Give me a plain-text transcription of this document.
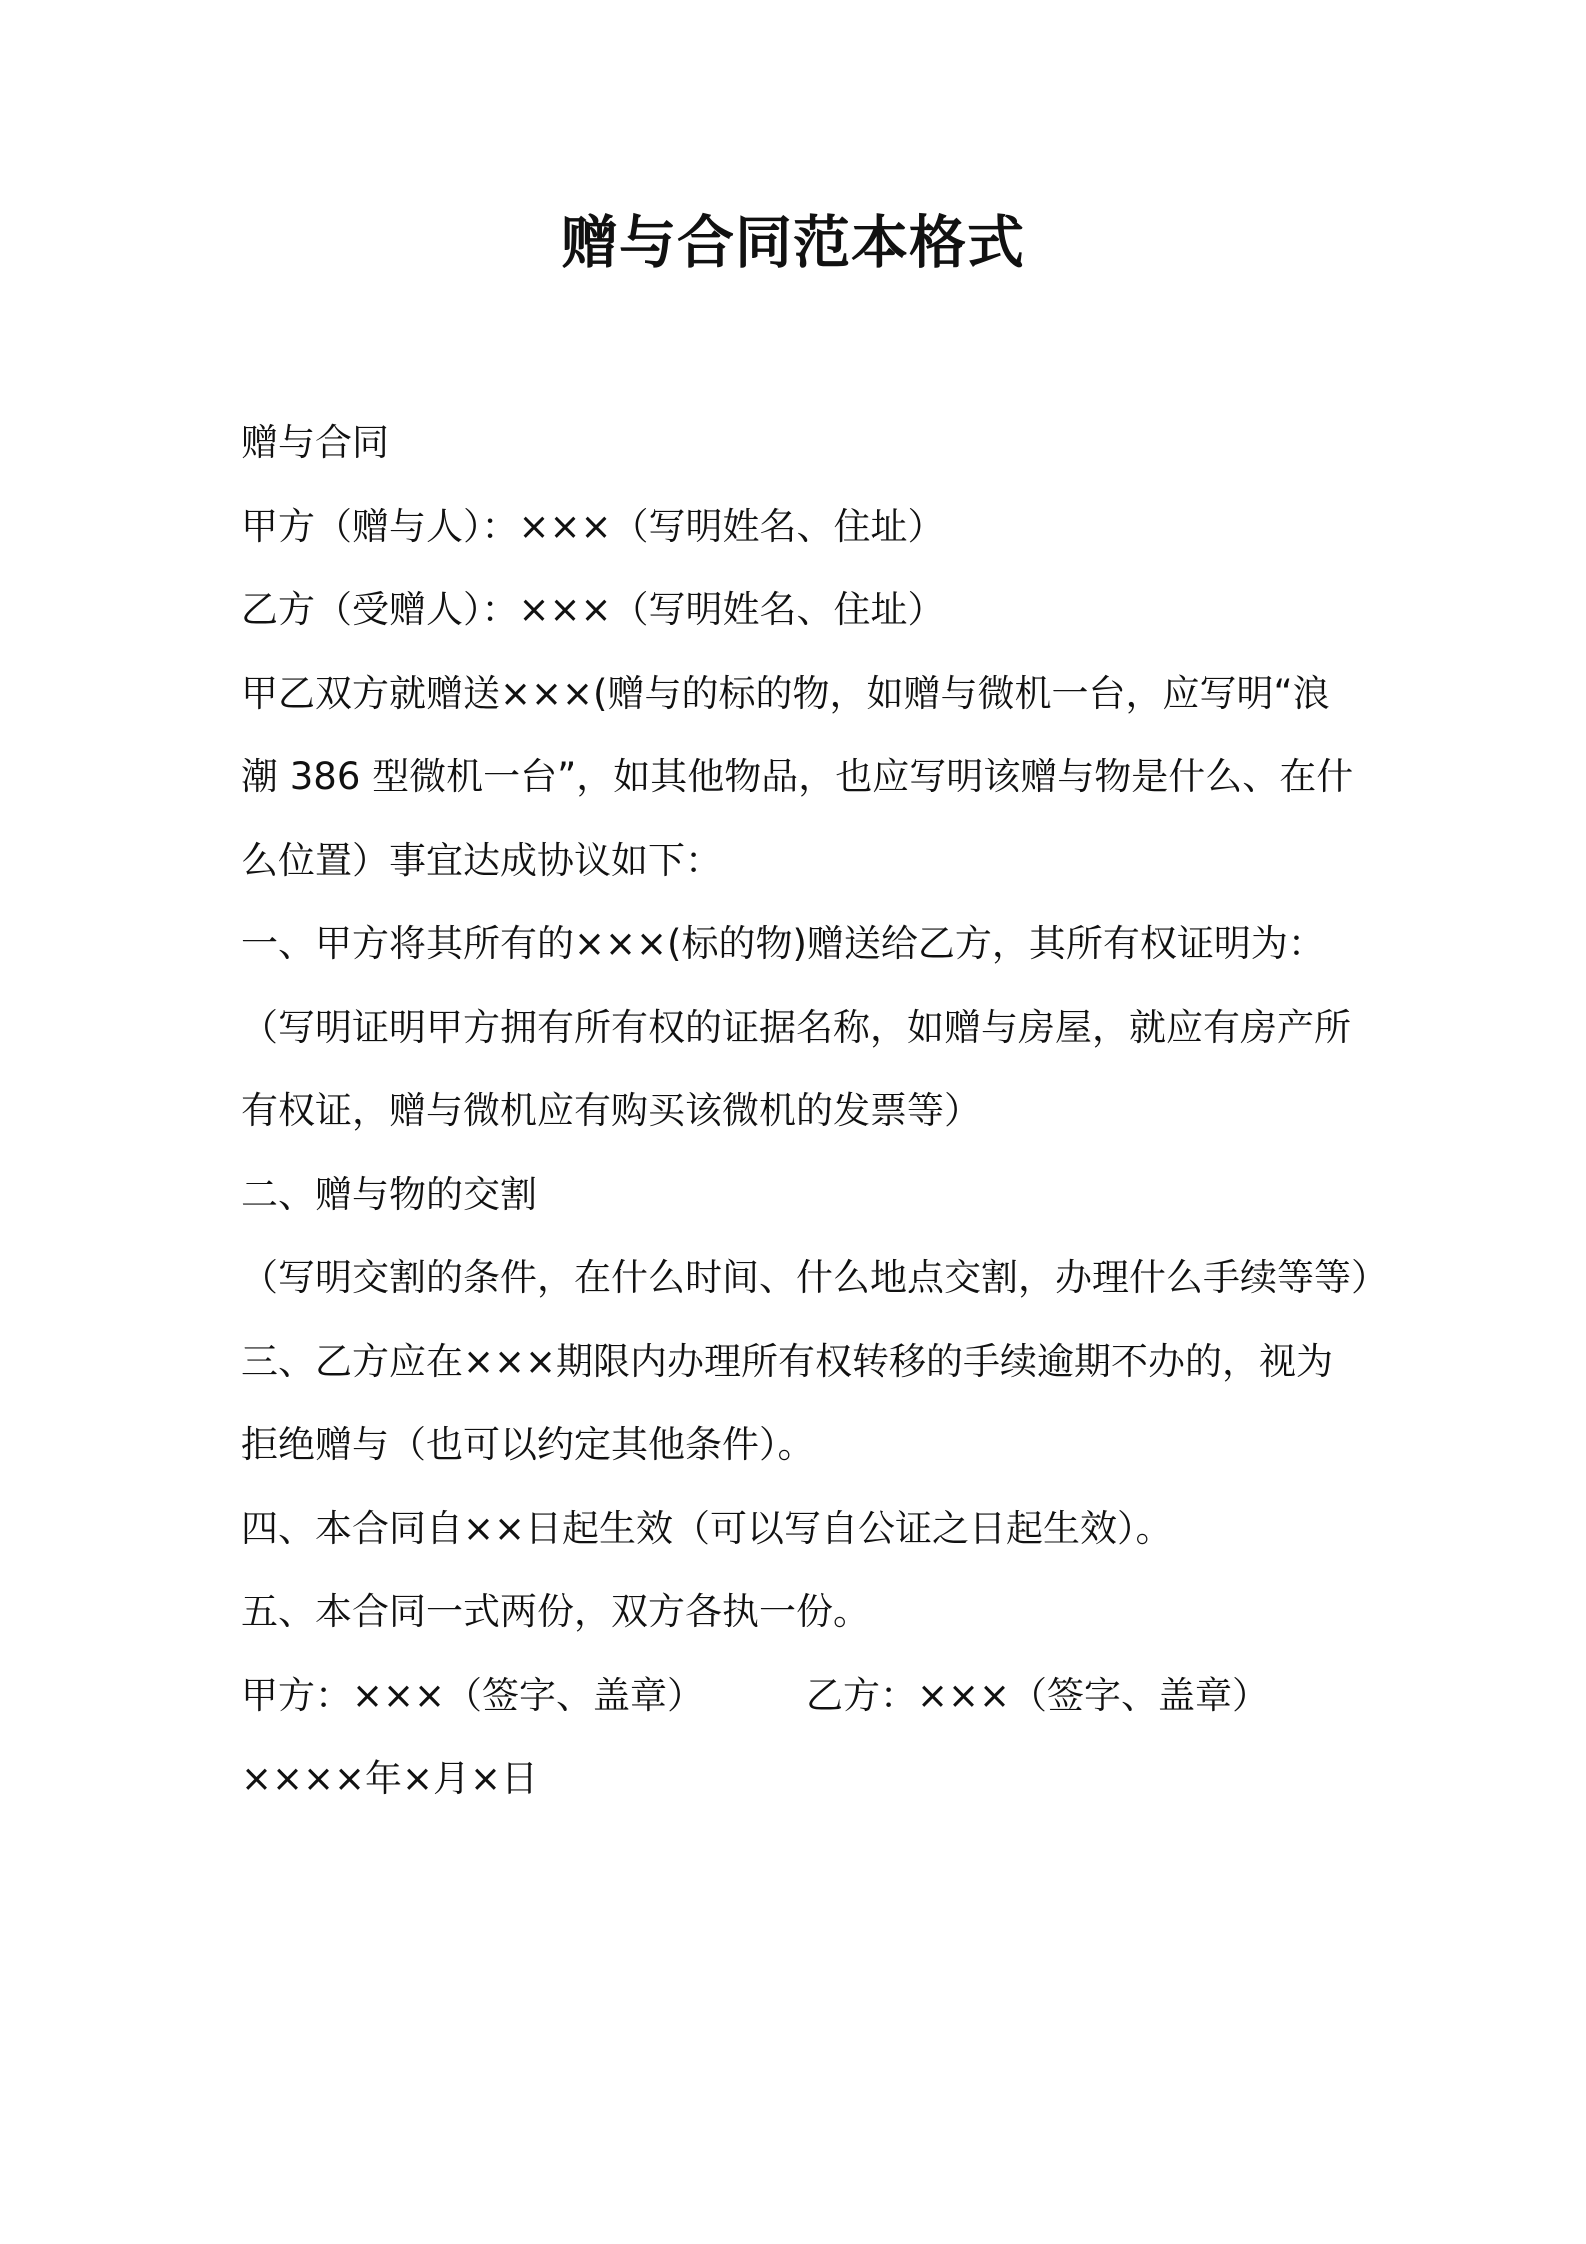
赠与合同范本格式
赠与合同
甲方（赠与人）：×××（写明姓名、住址）
乙方（受赠人）：×××（写明姓名、住址）
甲乙双方就赠送×××(赠与的标的物，如赠与微机一台，应写明“浪
潮 386 型微机一台”，如其他物品，也应写明该赠与物是什么、在什
么位置）事宜达成协议如下：
一、甲方将其所有的×××(标的物)赠送给乙方，其所有权证明为：
（写明证明甲方拥有所有权的证据名称，如赠与房屋，就应有房产所
有权证，赠与微机应有购买该微机的发票等）
二、赠与物的交割
（写明交割的条件，在什么时间、什么地点交割，办理什么手续等等）
三、乙方应在×××期限内办理所有权转移的手续逾期不办的，视为
拒绝赠与（也可以约定其他条件）。
四、本合同自××日起生效（可以写自公证之日起生效）。
五、本合同一式两份，双方各执一份。
甲方：×××（签字、盖章）	乙方：×××（签字、盖章）
××××年×月×日
